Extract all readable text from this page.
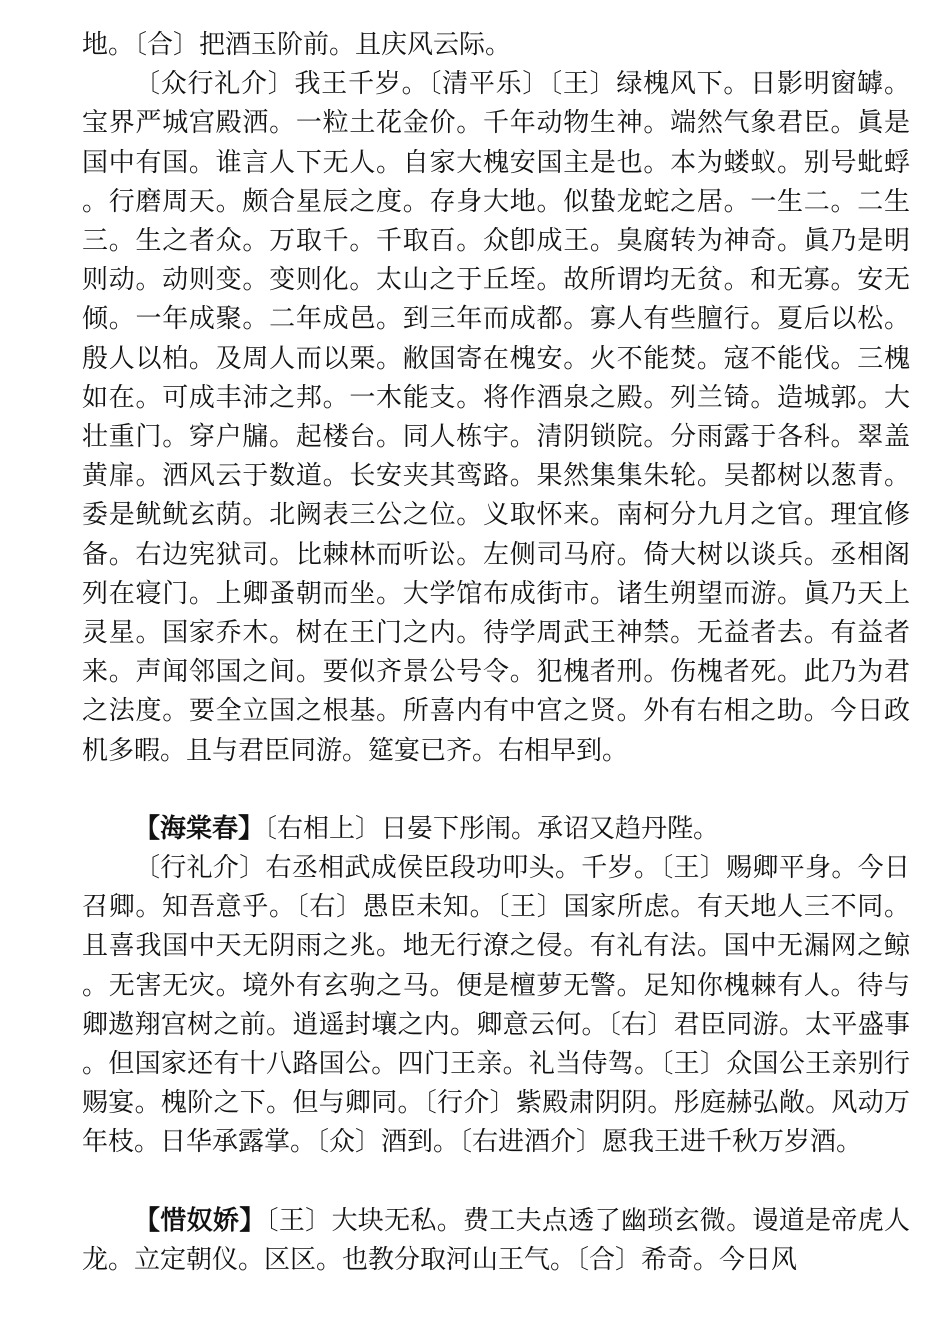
地。〔合〕把酒玉阶前。且庆风云际。

〔众行礼介〕我王千岁。〔清平乐〕〔王〕绿槐风下。日影明窗罅。宝界严城宫殿洒。一粒土花金价。千年动物生神。端然气象君臣。眞是国中有国。谁言人下无人。自家大槐安国主是也。本为蝼蚁。别号蚍蜉。行磨周天。颇合星辰之度。存身大地。似蛰龙蛇之居。一生二。二生三。生之者众。万取千。千取百。众卽成王。臭腐转为神奇。眞乃是明则动。动则变。变则化。太山之于丘垤。故所谓均无贫。和无寡。安无倾。一年成聚。二年成邑。到三年而成都。寡人有些膻行。夏后以松。殷人以柏。及周人而以栗。敝国寄在槐安。火不能焚。寇不能伐。三槐如在。可成丰沛之邦。一木能支。将作酒泉之殿。列兰锜。造城郭。大壮重门。穿户牖。起楼台。同人栋宇。清阴锁院。分雨露于各科。翠盖黄扉。洒风云于数道。长安夹其鸾路。果然集集朱轮。吴都树以葱青。委是鱿鱿玄荫。北阙表三公之位。义取怀来。南柯分九月之官。理宜修备。右边宪狱司。比棘林而听讼。左侧司马府。倚大树以谈兵。丞相阁列在寝门。上卿蚤朝而坐。大学馆布成街市。诸生朔望而游。眞乃天上灵星。国家乔木。树在王门之内。待学周武王神禁。无益者去。有益者来。声闻邻国之间。要似齐景公号令。犯槐者刑。伤槐者死。此乃为君之法度。要全立国之根基。所喜内有中宫之贤。外有右相之助。今日政机多暇。且与君臣同游。筵宴已齐。右相早到。

【海棠春】〔右相上〕日晏下彤闱。承诏又趋丹陛。

〔行礼介〕右丞相武成侯臣段功叩头。千岁。〔王〕赐卿平身。今日召卿。知吾意乎。〔右〕愚臣未知。〔王〕国家所虑。有天地人三不同。且喜我国中天无阴雨之兆。地无行潦之侵。有礼有法。国中无漏网之鲸。无害无灾。境外有玄驹之马。便是檀萝无警。足知你槐棘有人。待与卿遨翔宫树之前。逍遥封壤之内。卿意云何。〔右〕君臣同游。太平盛事。但国家还有十八路国公。四门王亲。礼当侍驾。〔王〕众国公王亲别行赐宴。槐阶之下。但与卿同。〔行介〕紫殿肃阴阴。彤庭赫弘敞。风动万年枝。日华承露掌。〔众〕酒到。〔右进酒介〕愿我王进千秋万岁酒。

【惜奴娇】〔王〕大块无私。费工夫点透了幽琐玄微。谩道是帝虎人龙。立定朝仪。区区。也教分取河山王气。〔合〕希奇。今日风
